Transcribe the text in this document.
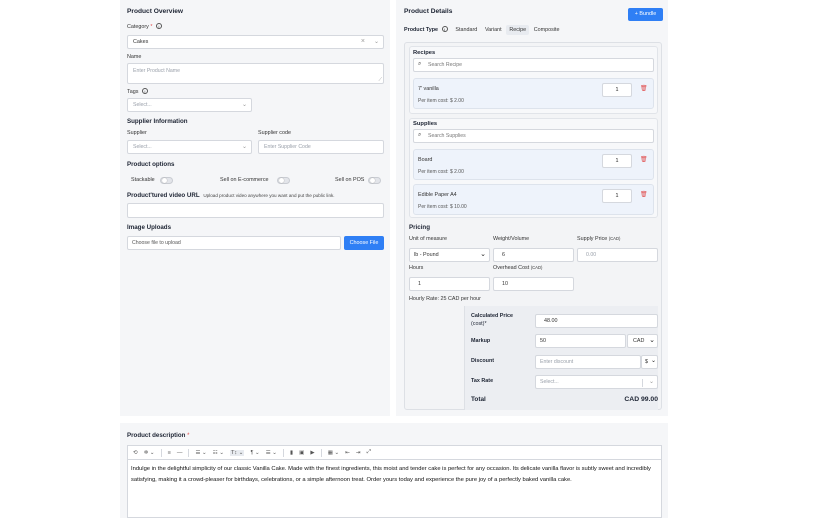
Product Overview
Category * i
Cakes	× ⌄
Name
Enter Product Name
⟋
Tags i
Select...	⌄
Supplier Information
Supplier	Supplier code
Select...	⌄	Enter Supplier Code
Product options
Stackable	Sell on E-commerce	Sell on POS
Product'tured video URL Upload product video anywhere you want and put the public link.
Image Uploads
Choose file to upload	Choose File
Product Details	+ Bundle
Product Type i Standard Variant Recipe Composite
Recipes
⌕ Search Recipe
7' vanilla
Per item cost: $ 2.00
1	🗑
Supplies
⌕ Search Supplies
Board
Per item cost: $ 2.00
1	🗑
Edible Paper A4
Per item cost: $ 10.00
1	🗑
Pricing
Unit of measure	Weight/Volume	Supply Price (CAD)
lb - Pound	⌄	6	0.00
Hours	Overhead Cost (CAD)
1	10
Hourly Rate: 25 CAD per hour
Calculated Price
(cost)*	48.00
Markup	50	CAD ⌄
Discount	Enter discount	$ ⌄
Tax Rate	Select...	⌄
Total	CAD 99.00
Product description *
⟲ ✲ ⌄ ≡ — ☰ ⌄ ☷ ⌄ T↕ ⌄ ¶ ⌄ ☰ ⌄ ▮ ▣ ▶ ▦ ⌄ ⇤ ⇥ ⤢
Indulge in the delightful simplicity of our classic Vanilla Cake. Made with the finest ingredients, this moist and tender cake is perfect for any occasion. Its delicate vanilla flavor is subtly sweet and incredibly satisfying, making it a crowd-pleaser for birthdays, celebrations, or a simple afternoon treat. Order yours today and experience the pure joy of a perfectly baked vanilla cake.
